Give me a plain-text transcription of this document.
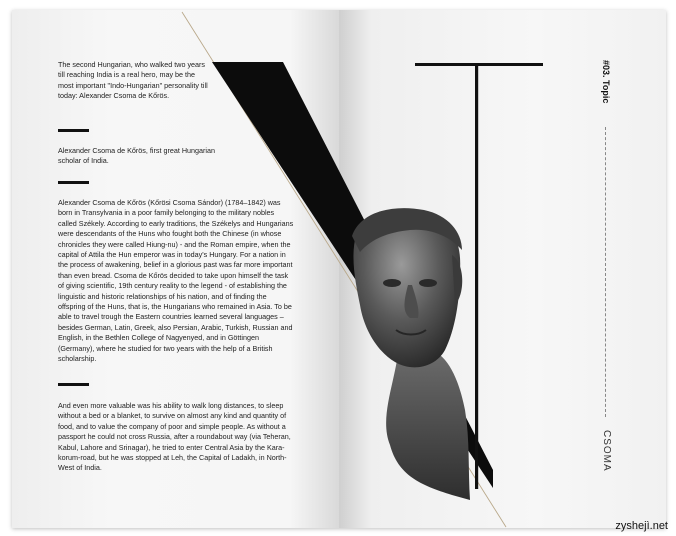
The second Hungarian, who walked two years till reaching India is a real hero, may be the most important "Indo-Hungarian" personality till today: Alexander Csoma de Kőrös.

Alexander Csoma de Kőrös, first great Hungarian scholar of India.

Alexander Csoma de Kőrös (Kőrösi Csoma Sándor) (1784–1842) was born in Transylvania in a poor family belonging to the military nobles called Székely. According to early traditions, the Székelys and Hungarians were descendants of the Huns who fought both the Chinese (in whose chronicles they were called Hiung-nu) - and the Roman empire, when the capital of Attila the Hun emperor was in today's Hungary. For a nation in the process of awakening, belief in a glorious past was far more important than even bread. Csoma de Kőrös decided to take upon himself the task of giving scientific, 19th century reality to the legend - of establishing the linguistic and historic relationships of his nation, and of finding the offspring of the Huns, that is, the Hungarians who remained in Asia. To be able to travel trough the Eastern countries learned several languages – besides German, Latin, Greek, also Persian, Arabic, Turkish, Russian and English, in the Bethlen College of Nagyenyed, and in Göttingen (Germany), where he studied for two years with the help of a British scholarship.

And even more valuable was his ability to walk long distances, to sleep without a bed or a blanket, to survive on almost any kind and quantity of food, and to value the company of poor and simple people. As without a passport he could not cross Russia, after a roundabout way (via Teheran, Kabul, Lahore and Srinagar), he tried to enter Central Asia by the Kara-korum-road, but he was stopped at Leh, the Capital of Ladakh, in North-West of India.

#03. Topic
CSOMA
zyshejì.net
